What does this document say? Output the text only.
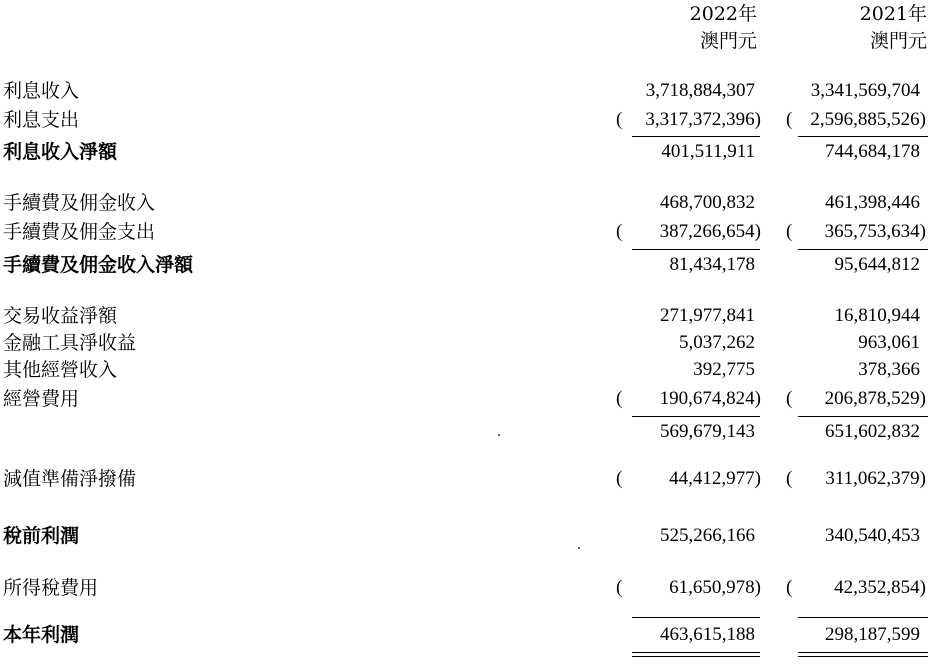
2022年
澳門元
2021年
澳門元
利息收入	3,718,884,307	3,341,569,704
利息支出	( 3,317,372,396) ( 2,596,885,526)
利息收入淨額	401,511,911	744,684,178
手續費及佣金收入	468,700,832	461,398,446
手續費及佣金支出	( 387,266,654) ( 365,753,634)
手續費及佣金收入淨額	81,434,178	95,644,812
交易收益淨額	271,977,841	16,810,944
金融工具淨收益	5,037,262	963,061
其他經營收入	392,775	378,366
經營費用	( 190,674,824) ( 206,878,529)
569,679,143	651,602,832
減值準備淨撥備	( 44,412,977) ( 311,062,379)
稅前利潤	525,266,166	340,540,453
所得稅費用	( 61,650,978) ( 42,352,854)
本年利潤	463,615,188	298,187,599
